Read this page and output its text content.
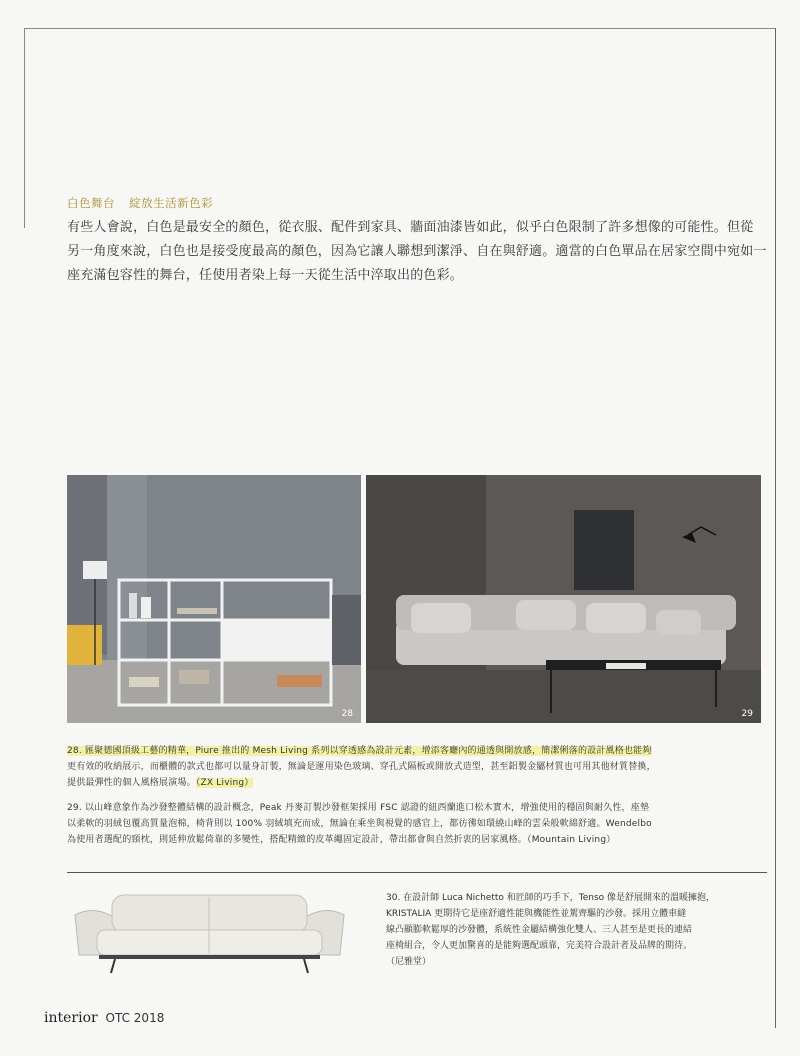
白色舞台 綻放生活新色彩
有些人會說，白色是最安全的顏色，從衣服、配件到家具、牆面油漆皆如此，似乎白色限制了許多想像的可能性。但從
另一角度來說，白色也是接受度最高的顏色，因為它讓人聯想到潔淨、自在與舒適。適當的白色單品在居家空間中宛如一
座充滿包容性的舞台，任使用者染上每一天從生活中淬取出的色彩。
28	29
28. 匯聚德國頂級工藝的精華，Piure 推出的 Mesh Living 系列以穿透感為設計元素，增添客廳內的通透與開放感，簡潔俐落的設計風格也能夠
更有效的收納展示，而櫃體的款式也都可以量身訂製，無論是運用染色玻璃、穿孔式隔板或開放式造型，甚至鋁製金屬材質也可用其他材質替換，
提供最彈性的個人風格展演場。（ZX Living）
29. 以山峰意象作為沙發整體結構的設計概念，Peak 丹麥訂製沙發框架採用 FSC 認證的紐西蘭進口松木實木，增強使用的穩固與耐久性，座墊
以柔軟的羽絨包覆高質量泡棉，椅背則以 100% 羽絨填充而成，無論在乘坐與視覺的感官上，都彷彿如環繞山峰的雲朵般軟綿舒適。Wendelbo
為使用者選配的頸枕，則延伸放鬆倚靠的多變性，搭配精緻的皮革繩固定設計，帶出都會與自然折衷的居家風格。（Mountain Living）
30. 在設計師 Luca Nichetto 和匠師的巧手下，Tenso 像是舒展開來的溫暖擁抱，
KRISTALIA 更期待它是座舒適性能與機能性並駕齊驅的沙發。採用立體車縫
線凸顯膨軟鬆厚的沙發體，系統性金屬結構強化雙人、三人甚至是更長的連結
座椅組合，令人更加驚喜的是能夠選配頭靠，完美符合設計者及品牌的期待。
（尼雅堂）
interior OTC 2018
